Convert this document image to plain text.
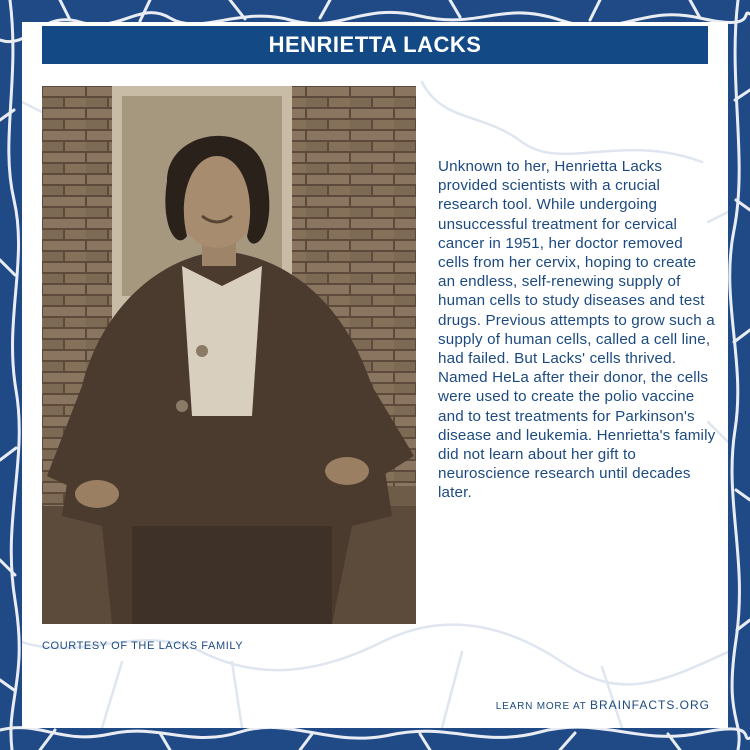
HENRIETTA LACKS
Unknown to her, Henrietta Lacks provided scientists with a crucial research tool. While undergoing unsuccessful treatment for cervical cancer in 1951, her doctor removed cells from her cervix, hoping to create an endless, self-renewing supply of human cells to study diseases and test drugs. Previous attempts to grow such a supply of human cells, called a cell line, had failed. But Lacks' cells thrived. Named HeLa after their donor, the cells were used to create the polio vaccine and to test treatments for Parkinson's disease and leukemia. Henrietta's family did not learn about her gift to neuroscience research until decades later.
COURTESY OF THE LACKS FAMILY
LEARN MORE AT BRAINFACTS.ORG
